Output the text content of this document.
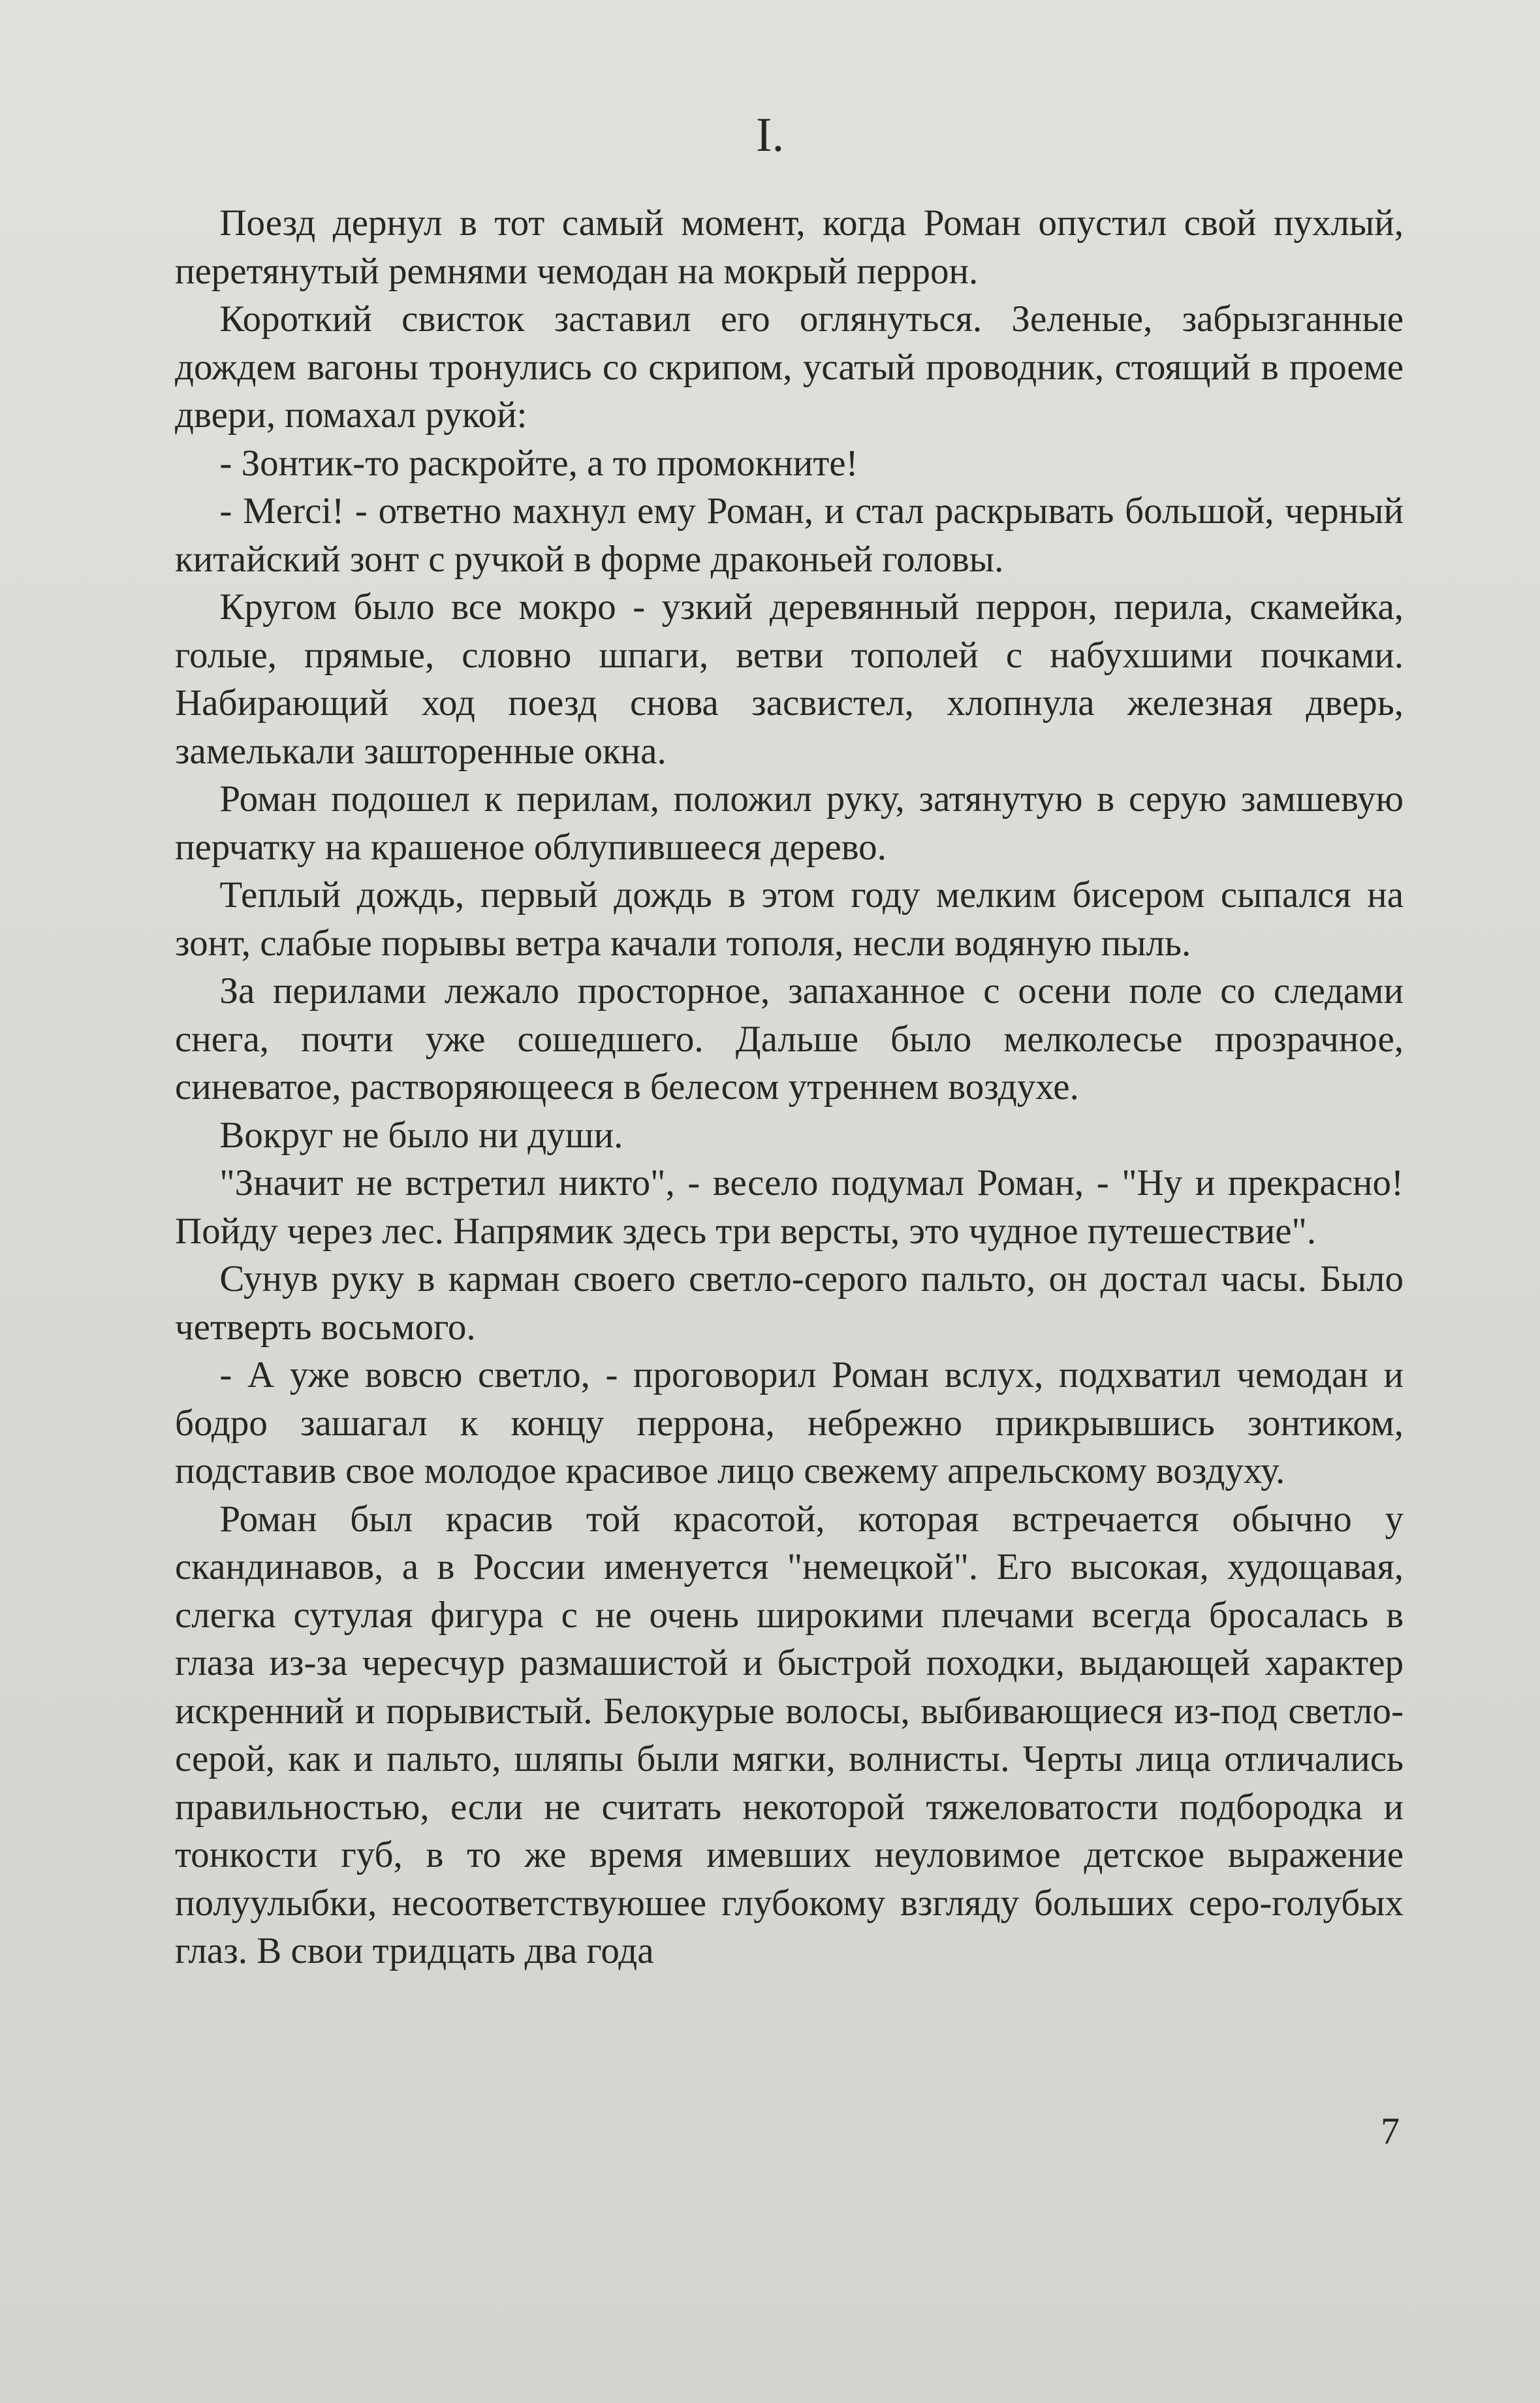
I.

Поезд дернул в тот самый момент, когда Роман опустил свой пухлый, перетянутый ремнями чемодан на мокрый перрон.

Короткий свисток заставил его оглянуться. Зеленые, забрызганные дождем вагоны тронулись со скрипом, усатый проводник, стоящий в проеме двери, помахал рукой:

- Зонтик-то раскройте, а то промокните!

- Merci! - ответно махнул ему Роман, и стал раскрывать большой, черный китайский зонт с ручкой в форме драконьей головы.

Кругом было все мокро - узкий деревянный перрон, перила, скамейка, голые, прямые, словно шпаги, ветви тополей с набухшими почками. Набирающий ход поезд снова засвистел, хлопнула железная дверь, замелькали зашторенные окна.

Роман подошел к перилам, положил руку, затянутую в серую замшевую перчатку на крашеное облупившееся дерево.

Теплый дождь, первый дождь в этом году мелким бисером сыпался на зонт, слабые порывы ветра качали тополя, несли водяную пыль.

За перилами лежало просторное, запаханное с осени поле со следами снега, почти уже сошедшего. Дальше было мелколесье прозрачное, синеватое, растворяющееся в белесом утреннем воздухе.

Вокруг не было ни души.

"Значит не встретил никто", - весело подумал Роман, - "Ну и прекрасно! Пойду через лес. Напрямик здесь три версты, это чудное путешествие".

Сунув руку в карман своего светло-серого пальто, он достал часы. Было четверть восьмого.

- А уже вовсю светло, - проговорил Роман вслух, подхватил чемодан и бодро зашагал к концу перрона, небрежно прикрывшись зонтиком, подставив свое молодое красивое лицо свежему апрельскому воздуху.

Роман был красив той красотой, которая встречается обычно у скандинавов, а в России именуется "немецкой". Его высокая, худощавая, слегка сутулая фигура с не очень широкими плечами всегда бросалась в глаза из-за чересчур размашистой и быстрой походки, выдающей характер искренний и порывистый. Белокурые волосы, выбивающиеся из-под светло-серой, как и пальто, шляпы были мягки, волнисты. Черты лица отличались правильностью, если не считать некоторой тяжеловатости подбородка и тонкости губ, в то же время имевших неуловимое детское выражение полуулыбки, несоответствуюшее глубокому взгляду больших серо-голубых глаз. В свои тридцать два года

7
